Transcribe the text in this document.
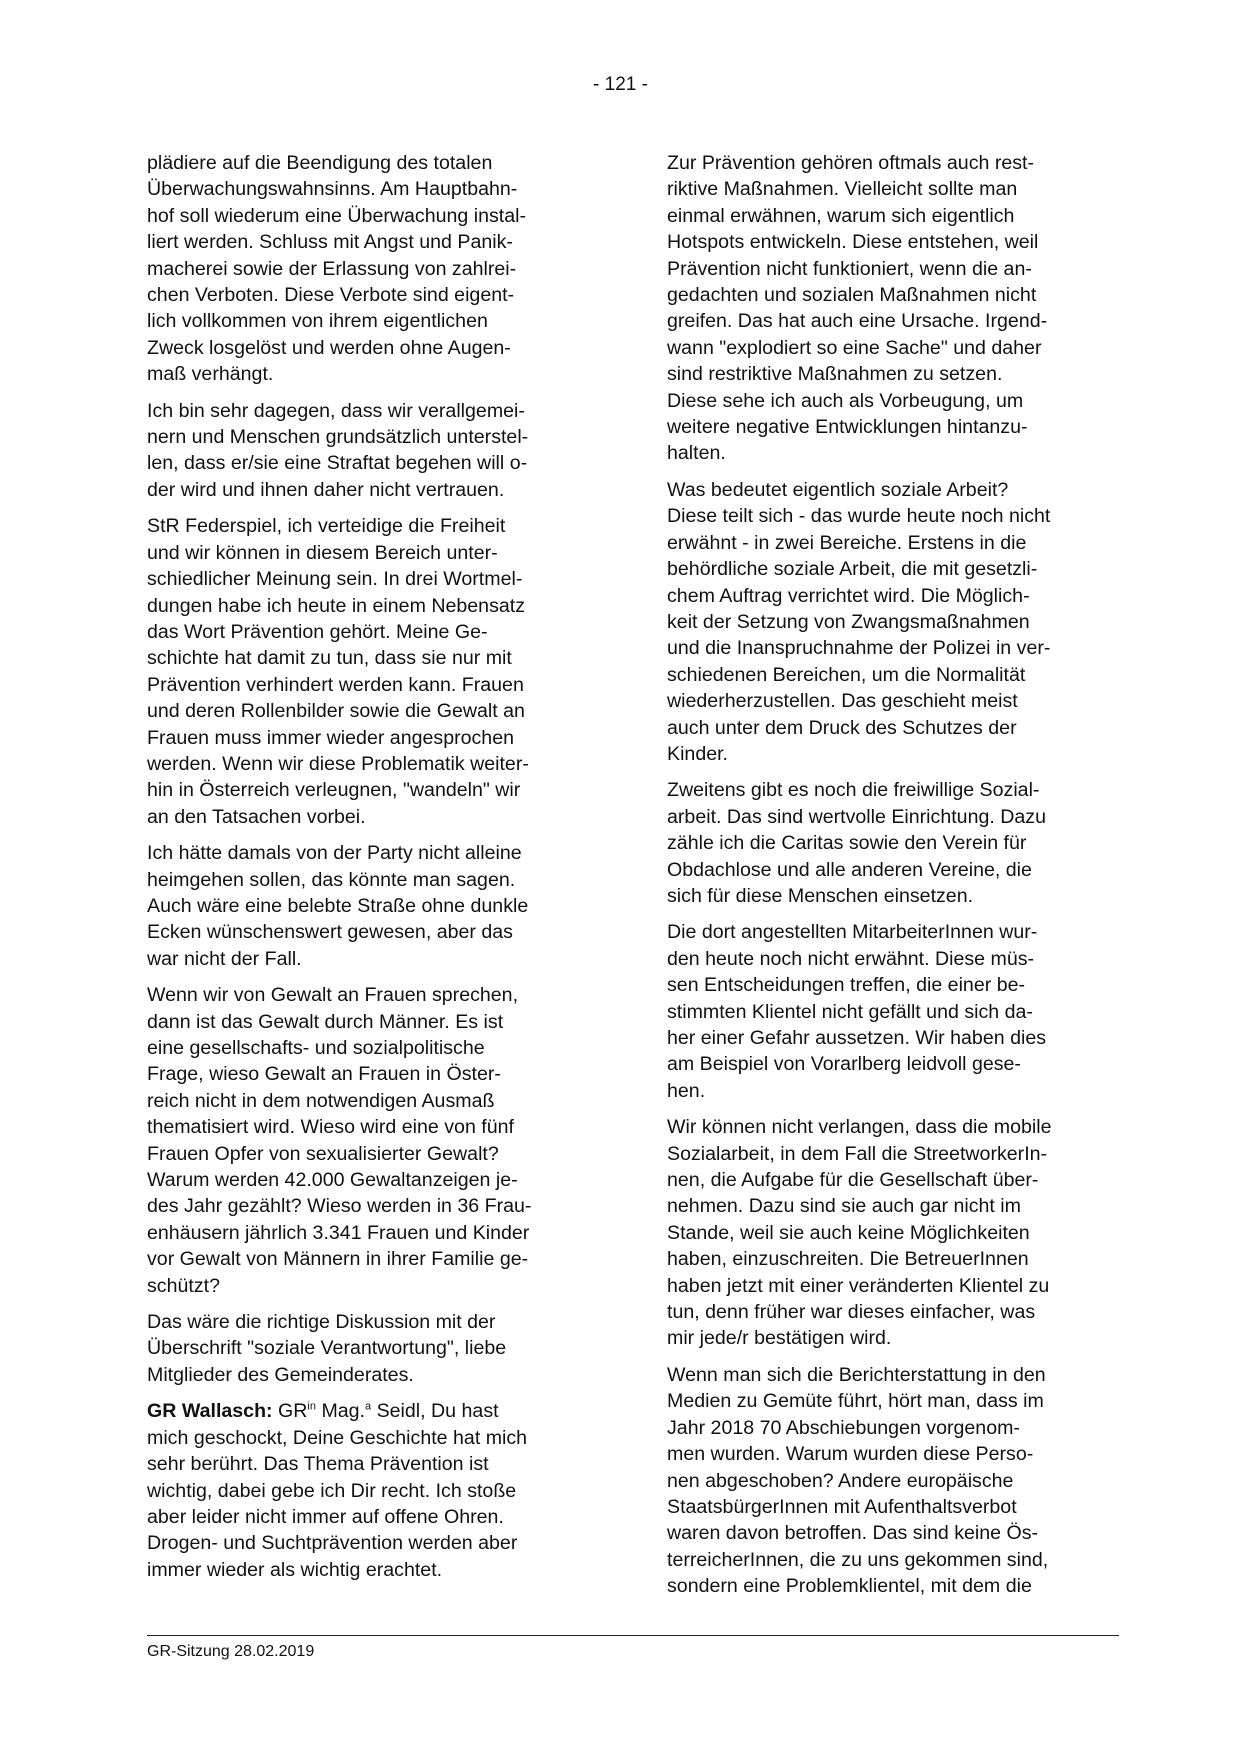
- 121 -

plädiere auf die Beendigung des totalen
Überwachungswahnsinns. Am Hauptbahn-
hof soll wiederum eine Überwachung instal-
liert werden. Schluss mit Angst und Panik-
macherei sowie der Erlassung von zahlrei-
chen Verboten. Diese Verbote sind eigent-
lich vollkommen von ihrem eigentlichen
Zweck losgelöst und werden ohne Augen-
maß verhängt.

Ich bin sehr dagegen, dass wir verallgemei-
nern und Menschen grundsätzlich unterstel-
len, dass er/sie eine Straftat begehen will o-
der wird und ihnen daher nicht vertrauen.

StR Federspiel, ich verteidige die Freiheit
und wir können in diesem Bereich unter-
schiedlicher Meinung sein. In drei Wortmel-
dungen habe ich heute in einem Nebensatz
das Wort Prävention gehört. Meine Ge-
schichte hat damit zu tun, dass sie nur mit
Prävention verhindert werden kann. Frauen
und deren Rollenbilder sowie die Gewalt an
Frauen muss immer wieder angesprochen
werden. Wenn wir diese Problematik weiter-
hin in Österreich verleugnen, "wandeln" wir
an den Tatsachen vorbei.

Ich hätte damals von der Party nicht alleine
heimgehen sollen, das könnte man sagen.
Auch wäre eine belebte Straße ohne dunkle
Ecken wünschenswert gewesen, aber das
war nicht der Fall.

Wenn wir von Gewalt an Frauen sprechen,
dann ist das Gewalt durch Männer. Es ist
eine gesellschafts- und sozialpolitische
Frage, wieso Gewalt an Frauen in Öster-
reich nicht in dem notwendigen Ausmaß
thematisiert wird. Wieso wird eine von fünf
Frauen Opfer von sexualisierter Gewalt?
Warum werden 42.000 Gewaltanzeigen je-
des Jahr gezählt? Wieso werden in 36 Frau-
enhäusern jährlich 3.341 Frauen und Kinder
vor Gewalt von Männern in ihrer Familie ge-
schützt?

Das wäre die richtige Diskussion mit der
Überschrift "soziale Verantwortung", liebe
Mitglieder des Gemeinderates.

GR Wallasch: $GR^{in}$ Mag.$^a$ Seidl, Du hast
mich geschockt, Deine Geschichte hat mich
sehr berührt. Das Thema Prävention ist
wichtig, dabei gebe ich Dir recht. Ich stoße
aber leider nicht immer auf offene Ohren.
Drogen- und Suchtprävention werden aber
immer wieder als wichtig erachtet.

Zur Prävention gehören oftmals auch rest-
riktive Maßnahmen. Vielleicht sollte man
einmal erwähnen, warum sich eigentlich
Hotspots entwickeln. Diese entstehen, weil
Prävention nicht funktioniert, wenn die an-
gedachten und sozialen Maßnahmen nicht
greifen. Das hat auch eine Ursache. Irgend-
wann "explodiert so eine Sache" und daher
sind restriktive Maßnahmen zu setzen.
Diese sehe ich auch als Vorbeugung, um
weitere negative Entwicklungen hintanzu-
halten.

Was bedeutet eigentlich soziale Arbeit?
Diese teilt sich - das wurde heute noch nicht
erwähnt - in zwei Bereiche. Erstens in die
behördliche soziale Arbeit, die mit gesetzli-
chem Auftrag verrichtet wird. Die Möglich-
keit der Setzung von Zwangsmaßnahmen
und die Inanspruchnahme der Polizei in ver-
schiedenen Bereichen, um die Normalität
wiederherzustellen. Das geschieht meist
auch unter dem Druck des Schutzes der
Kinder.

Zweitens gibt es noch die freiwillige Sozial-
arbeit. Das sind wertvolle Einrichtung. Dazu
zähle ich die Caritas sowie den Verein für
Obdachlose und alle anderen Vereine, die
sich für diese Menschen einsetzen.

Die dort angestellten MitarbeiterInnen wur-
den heute noch nicht erwähnt. Diese müs-
sen Entscheidungen treffen, die einer be-
stimmten Klientel nicht gefällt und sich da-
her einer Gefahr aussetzen. Wir haben dies
am Beispiel von Vorarlberg leidvoll gese-
hen.

Wir können nicht verlangen, dass die mobile
Sozialarbeit, in dem Fall die StreetworkerIn-
nen, die Aufgabe für die Gesellschaft über-
nehmen. Dazu sind sie auch gar nicht im
Stande, weil sie auch keine Möglichkeiten
haben, einzuschreiten. Die BetreuerInnen
haben jetzt mit einer veränderten Klientel zu
tun, denn früher war dieses einfacher, was
mir jede/r bestätigen wird.

Wenn man sich die Berichterstattung in den
Medien zu Gemüte führt, hört man, dass im
Jahr 2018 70 Abschiebungen vorgenom-
men wurden. Warum wurden diese Perso-
nen abgeschoben? Andere europäische
StaatsbürgerInnen mit Aufenthaltsverbot
waren davon betroffen. Das sind keine Ös-
terreicherInnen, die zu uns gekommen sind,
sondern eine Problemklientel, mit dem die

GR-Sitzung 28.02.2019
